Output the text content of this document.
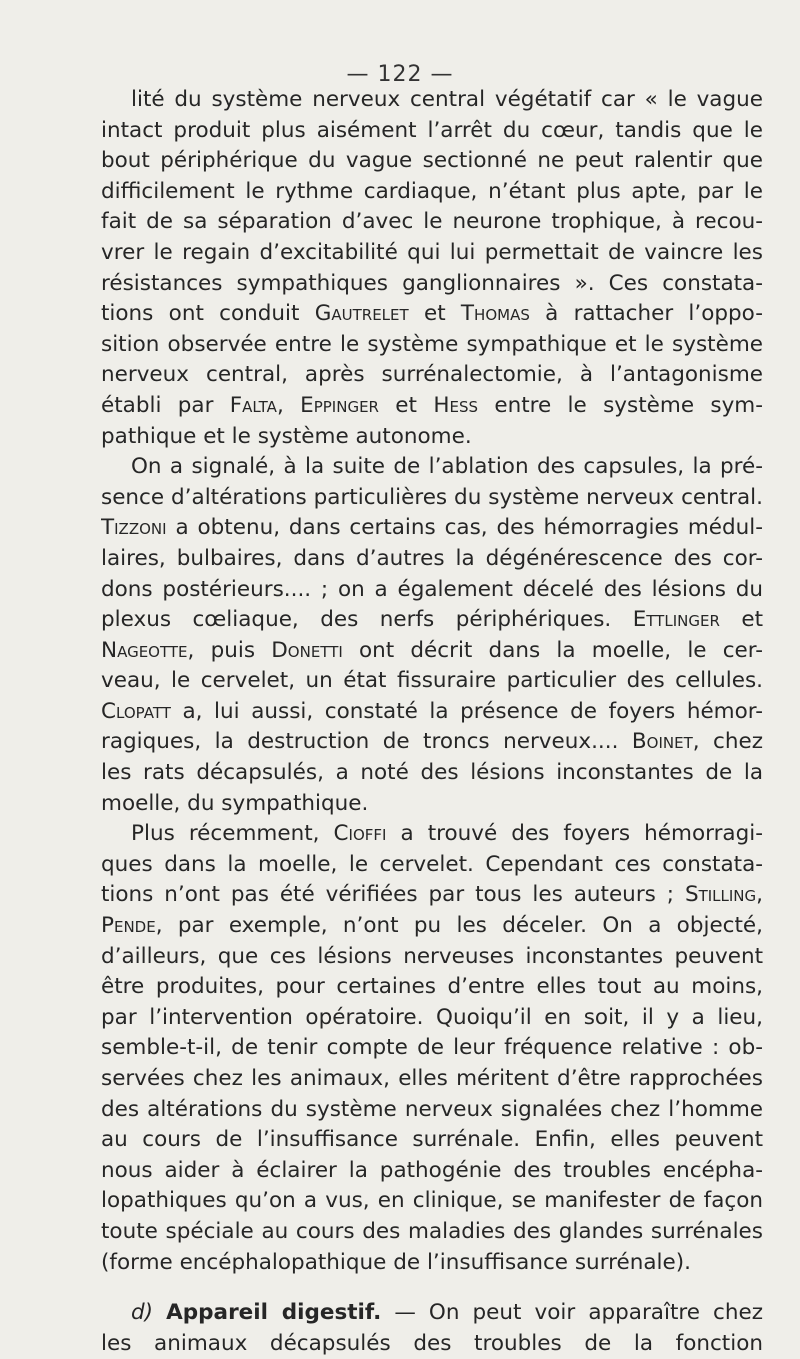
— 122 —
lité du système nerveux central végétatif car « le vague
intact produit plus aisément l’arrêt du cœur, tandis que le
bout périphérique du vague sectionné ne peut ralentir que
difficilement le rythme cardiaque, n’étant plus apte, par le
fait de sa séparation d’avec le neurone trophique, à recou-
vrer le regain d’excitabilité qui lui permettait de vaincre les
résistances sympathiques ganglionnaires ». Ces constata-
tions ont conduit Gautrelet et Thomas à rattacher l’oppo-
sition observée entre le système sympathique et le système
nerveux central, après surrénalectomie, à l’antagonisme
établi par Falta, Eppinger et Hess entre le système sym-
pathique et le système autonome.
On a signalé, à la suite de l’ablation des capsules, la pré-
sence d’altérations particulières du système nerveux central.
Tizzoni a obtenu, dans certains cas, des hémorragies médul-
laires, bulbaires, dans d’autres la dégénérescence des cor-
dons postérieurs.... ; on a également décelé des lésions du
plexus cœliaque, des nerfs périphériques. Ettlinger et
Nageotte, puis Donetti ont décrit dans la moelle, le cer-
veau, le cervelet, un état fissuraire particulier des cellules.
Clopatt a, lui aussi, constaté la présence de foyers hémor-
ragiques, la destruction de troncs nerveux.... Boinet, chez
les rats décapsulés, a noté des lésions inconstantes de la
moelle, du sympathique.
Plus récemment, Cioffi a trouvé des foyers hémorragi-
ques dans la moelle, le cervelet. Cependant ces constata-
tions n’ont pas été vérifiées par tous les auteurs ; Stilling,
Pende, par exemple, n’ont pu les déceler. On a objecté,
d’ailleurs, que ces lésions nerveuses inconstantes peuvent
être produites, pour certaines d’entre elles tout au moins,
par l’intervention opératoire. Quoiqu’il en soit, il y a lieu,
semble-t-il, de tenir compte de leur fréquence relative : ob-
servées chez les animaux, elles méritent d’être rapprochées
des altérations du système nerveux signalées chez l’homme
au cours de l’insuffisance surrénale. Enfin, elles peuvent
nous aider à éclairer la pathogénie des troubles encépha-
lopathiques qu’on a vus, en clinique, se manifester de façon
toute spéciale au cours des maladies des glandes surrénales
(forme encéphalopathique de l’insuffisance surrénale).
d) Appareil digestif. — On peut voir apparaître chez
les animaux décapsulés des troubles de la fonction
